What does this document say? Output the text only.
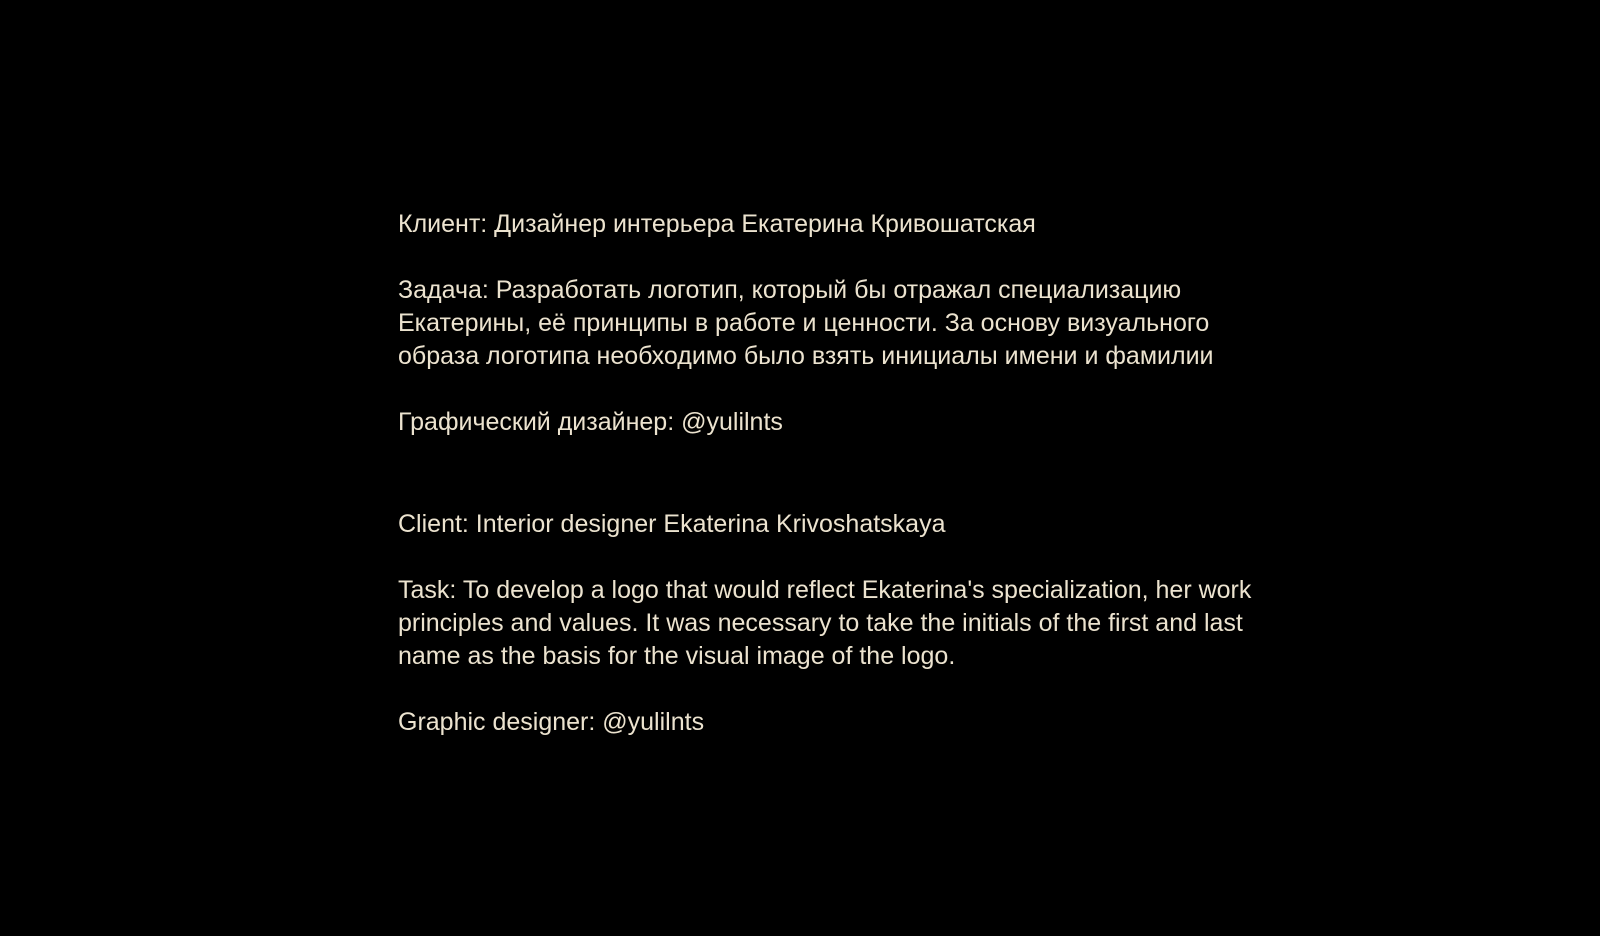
Клиент: Дизайнер интерьера Екатерина Кривошатская

Задача: Разработать логотип, который бы отражал специализацию
Екатерины, её принципы в работе и ценности. За основу визуального
образа логотипа необходимо было взять инициалы имени и фамилии

Графический дизайнер: @yulilnts

Client: Interior designer Ekaterina Krivoshatskaya

Task: To develop a logo that would reflect Ekaterina's specialization, her work
principles and values. It was necessary to take the initials of the first and last
name as the basis for the visual image of the logo.

Graphic designer: @yulilnts
